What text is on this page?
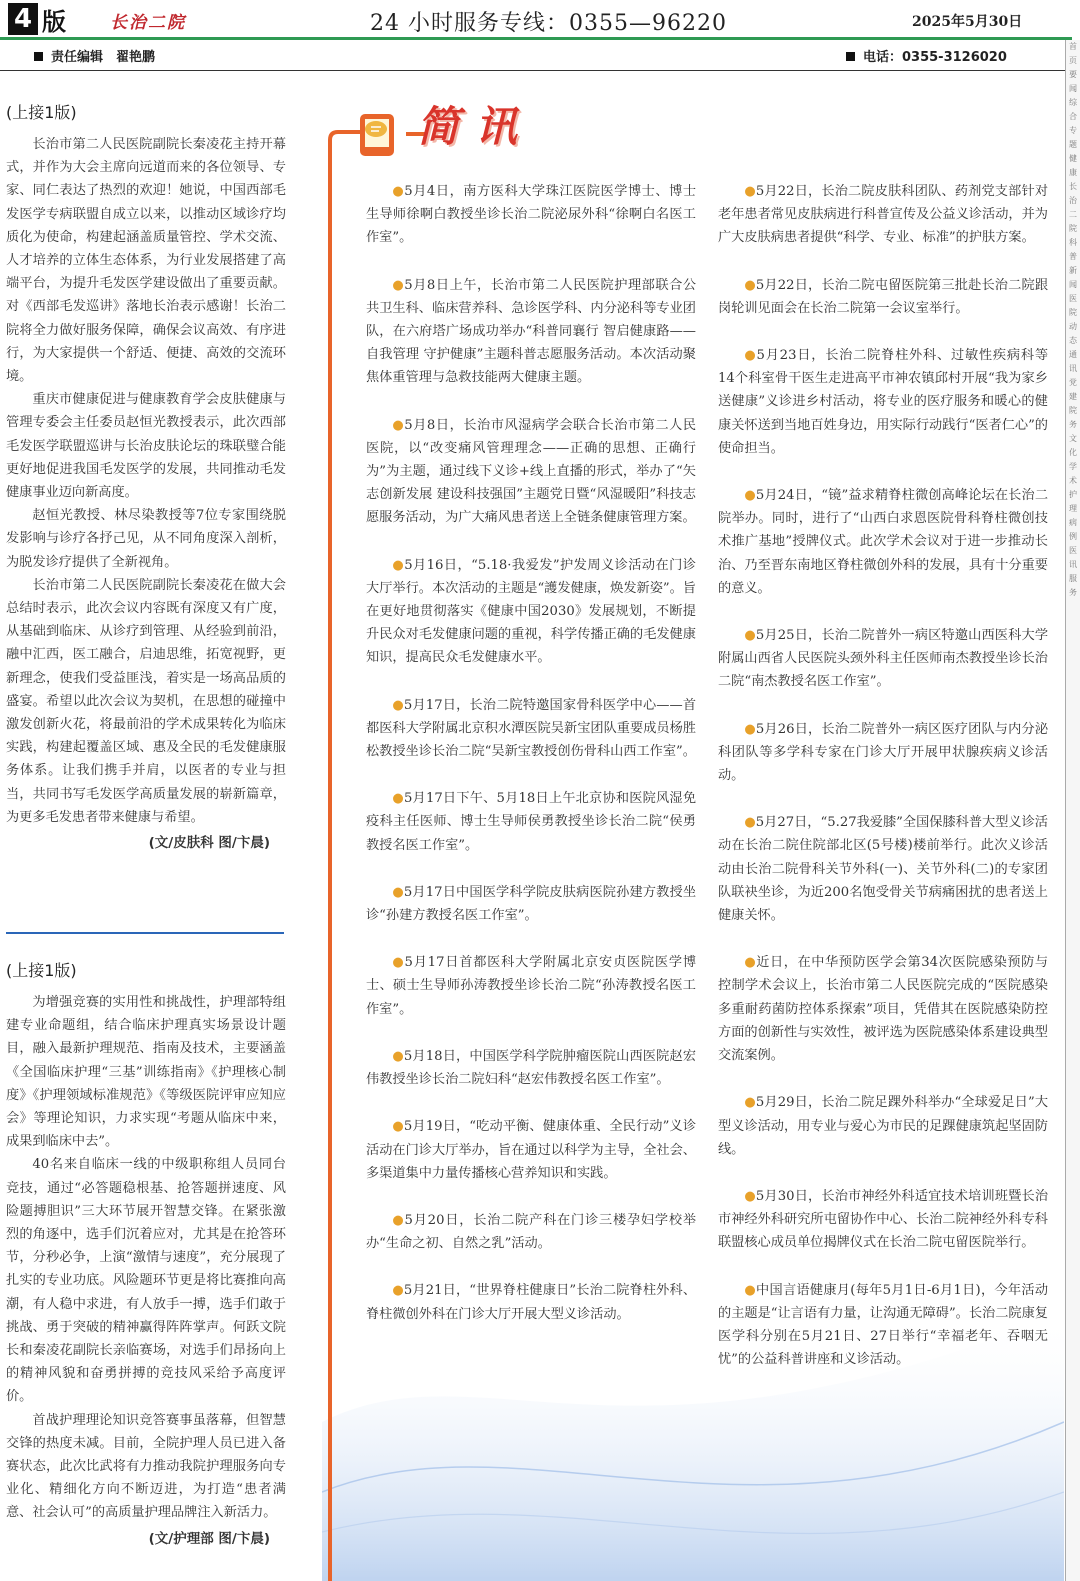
4 版	长治二院	24 小时服务专线：0355—96220	2025年5月30日
责任编辑　翟艳鹏	电话：0355-3126020
(上接1版)

长治市第二人民医院副院长秦凌花主持开幕式，并作为大会主席向远道而来的各位领导、专家、同仁表达了热烈的欢迎！她说，中国西部毛发医学专病联盟自成立以来，以推动区域诊疗均质化为使命，构建起涵盖质量管控、学术交流、人才培养的立体生态体系，为行业发展搭建了高端平台，为提升毛发医学建设做出了重要贡献。对《西部毛发巡讲》落地长治表示感谢！长治二院将全力做好服务保障，确保会议高效、有序进行，为大家提供一个舒适、便捷、高效的交流环境。

重庆市健康促进与健康教育学会皮肤健康与管理专委会主任委员赵恒光教授表示，此次西部毛发医学联盟巡讲与长治皮肤论坛的珠联璧合能更好地促进我国毛发医学的发展，共同推动毛发健康事业迈向新高度。

赵恒光教授、林尽染教授等7位专家围绕脱发影响与诊疗各抒己见，从不同角度深入剖析，为脱发诊疗提供了全新视角。

长治市第二人民医院副院长秦凌花在做大会总结时表示，此次会议内容既有深度又有广度，从基础到临床、从诊疗到管理、从经验到前沿，融中汇西，医工融合，启迪思维，拓宽视野，更新理念，使我们受益匪浅，着实是一场高品质的盛宴。希望以此次会议为契机，在思想的碰撞中激发创新火花，将最前沿的学术成果转化为临床实践，构建起覆盖区域、惠及全民的毛发健康服务体系。让我们携手并肩，以医者的专业与担当，共同书写毛发医学高质量发展的崭新篇章，为更多毛发患者带来健康与希望。

(文/皮肤科 图/卞晨)
(上接1版)

为增强竞赛的实用性和挑战性，护理部特组建专业命题组，结合临床护理真实场景设计题目，融入最新护理规范、指南及技术，主要涵盖《全国临床护理“三基”训练指南》《护理核心制度》《护理领域标准规范》《等级医院评审应知应会》等理论知识，力求实现“考题从临床中来，成果到临床中去”。

40名来自临床一线的中级职称组人员同台竞技，通过“必答题稳根基、抢答题拼速度、风险题搏胆识”三大环节展开智慧交锋。在紧张激烈的角逐中，选手们沉着应对，尤其是在抢答环节，分秒必争，上演“激情与速度”，充分展现了扎实的专业功底。风险题环节更是将比赛推向高潮，有人稳中求进，有人放手一搏，选手们敢于挑战、勇于突破的精神赢得阵阵掌声。何跃文院长和秦凌花副院长亲临赛场，对选手们昂扬向上的精神风貌和奋勇拼搏的竞技风采给予高度评价。

首战护理理论知识竞答赛事虽落幕，但智慧交锋的热度未减。目前，全院护理人员已进入备赛状态，此次比武将有力推动我院护理服务向专业化、精细化方向不断迈进，为打造“患者满意、社会认可”的高质量护理品牌注入新活力。

(文/护理部 图/卞晨)
简讯

●5月4日，南方医科大学珠江医院医学博士、博士生导师徐啊白教授坐诊长治二院泌尿外科“徐啊白名医工作室”。

●5月8日上午，长治市第二人民医院护理部联合公共卫生科、临床营养科、急诊医学科、内分泌科等专业团队，在六府塔广场成功举办“科普同襄行 智启健康路——自我管理 守护健康”主题科普志愿服务活动。本次活动聚焦体重管理与急救技能两大健康主题。

●5月8日，长治市风湿病学会联合长治市第二人民医院，以“改变痛风管理理念——正确的思想、正确行为”为主题，通过线下义诊+线上直播的形式，举办了“矢志创新发展 建设科技强国”主题党日暨“风湿暖阳”科技志愿服务活动，为广大痛风患者送上全链条健康管理方案。

●5月16日，“5.18·我爱发”护发周义诊活动在门诊大厅举行。本次活动的主题是“護发健康，焕发新姿”。旨在更好地贯彻落实《健康中国2030》发展规划，不断提升民众对毛发健康问题的重视，科学传播正确的毛发健康知识，提高民众毛发健康水平。

●5月17日，长治二院特邀国家骨科医学中心——首都医科大学附属北京积水潭医院吴新宝团队重要成员杨胜松教授坐诊长治二院“吴新宝教授创伤骨科山西工作室”。

●5月17日下午、5月18日上午北京协和医院风湿免疫科主任医师、博士生导师侯勇教授坐诊长治二院“侯勇教授名医工作室”。

●5月17日中国医学科学院皮肤病医院孙建方教授坐诊“孙建方教授名医工作室”。

●5月17日首都医科大学附属北京安贞医院医学博士、硕士生导师孙涛教授坐诊长治二院“孙涛教授名医工作室”。

●5月18日，中国医学科学院肿瘤医院山西医院赵宏伟教授坐诊长治二院妇科“赵宏伟教授名医工作室”。

●5月19日，“吃动平衡、健康体重、全民行动”义诊活动在门诊大厅举办，旨在通过以科学为主导，全社会、多渠道集中力量传播核心营养知识和实践。

●5月20日，长治二院产科在门诊三楼孕妇学校举办“生命之初、自然之乳”活动。

●5月21日，“世界脊柱健康日”长治二院脊柱外科、脊柱微创外科在门诊大厅开展大型义诊活动。

●5月22日，长治二院皮肤科团队、药剂党支部针对老年患者常见皮肤病进行科普宣传及公益义诊活动，并为广大皮肤病患者提供“科学、专业、标准”的护肤方案。

●5月22日，长治二院屯留医院第三批赴长治二院跟岗轮训见面会在长治二院第一会议室举行。

●5月23日，长治二院脊柱外科、过敏性疾病科等14个科室骨干医生走进高平市神农镇邱村开展“我为家乡送健康”义诊进乡村活动，将专业的医疗服务和暖心的健康关怀送到当地百姓身边，用实际行动践行“医者仁心”的使命担当。

●5月24日，“镜”益求精脊柱微创高峰论坛在长治二院举办。同时，进行了“山西白求恩医院骨科脊柱微创技术推广基地”授牌仪式。此次学术会议对于进一步推动长治、乃至晋东南地区脊柱微创外科的发展，具有十分重要的意义。

●5月25日，长治二院普外一病区特邀山西医科大学附属山西省人民医院头颈外科主任医师南杰教授坐诊长治二院“南杰教授名医工作室”。

●5月26日，长治二院普外一病区医疗团队与内分泌科团队等多学科专家在门诊大厅开展甲状腺疾病义诊活动。

●5月27日，“5.27我爱膝”全国保膝科普大型义诊活动在长治二院住院部北区(5号楼)楼前举行。此次义诊活动由长治二院骨科关节外科(一)、关节外科(二)的专家团队联袂坐诊，为近200名饱受骨关节病痛困扰的患者送上健康关怀。

●近日，在中华预防医学会第34次医院感染预防与控制学术会议上，长治市第二人民医院完成的“医院感染多重耐药菌防控体系探索”项目，凭借其在医院感染防控方面的创新性与实效性，被评选为医院感染体系建设典型交流案例。

●5月29日，长治二院足踝外科举办“全球爱足日”大型义诊活动，用专业与爱心为市民的足踝健康筑起坚固防线。

●5月30日，长治市神经外科适宜技术培训班暨长治市神经外科研究所屯留协作中心、长治二院神经外科专科联盟核心成员单位揭牌仪式在长治二院屯留医院举行。

●中国言语健康月(每年5月1日-6月1日)，今年活动的主题是“让言语有力量，让沟通无障碍”。长治二院康复医学科分别在5月21日、27日举行“幸福老年、吞咽无忧”的公益科普讲座和义诊活动。

首页 要闻 综合 专题 健康 长治二院 科普 新闻 医院动态 通讯 党建 院务 文化 学术 护理 病例 医讯 服务
